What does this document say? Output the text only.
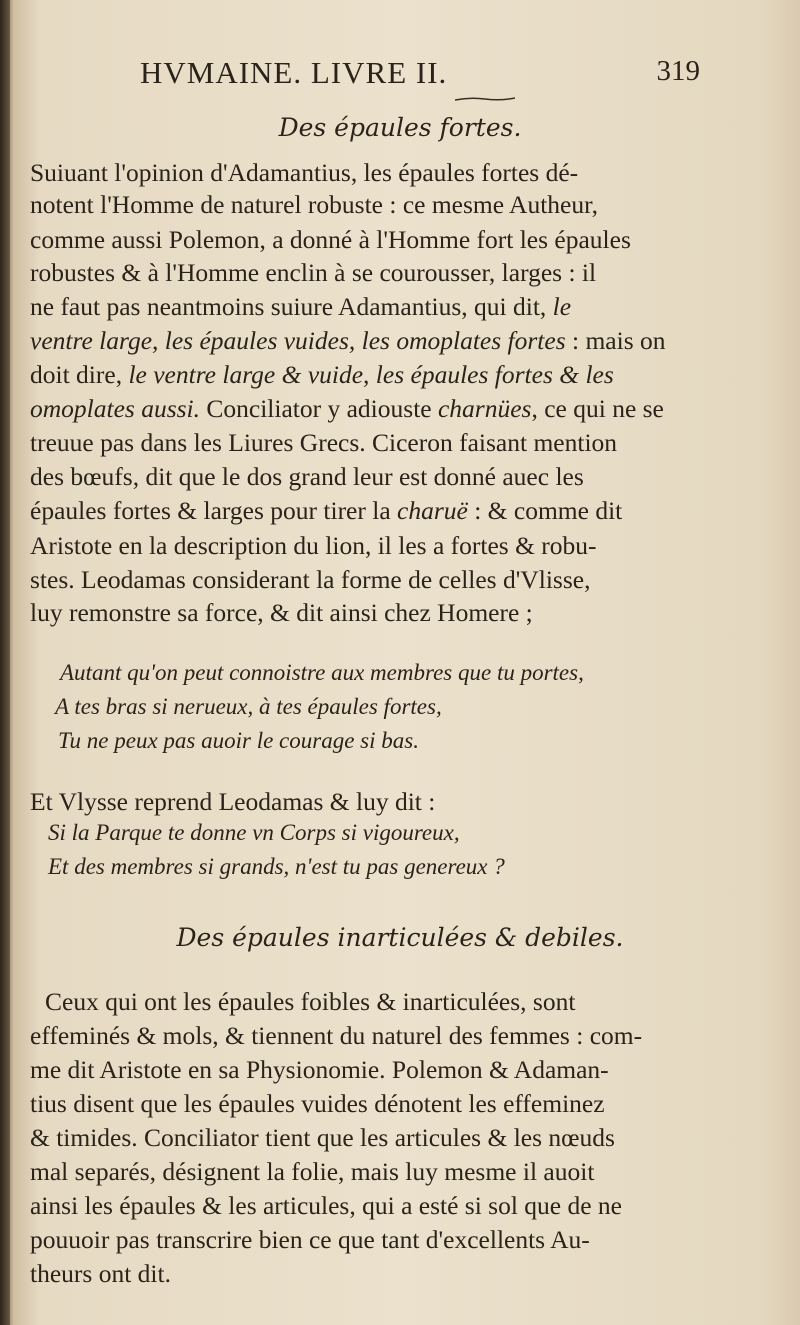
HVMAINE. LIVRE II.	319
Des épaules fortes.
Suiuant l'opinion d'Adamantius, les épaules fortes dé-
notent l'Homme de naturel robuste : ce mesme Autheur,
comme aussi Polemon, a donné à l'Homme fort les épaules
robustes & à l'Homme enclin à se courousser, larges : il
ne faut pas neantmoins suiure Adamantius, qui dit, le
ventre large, les épaules vuides, les omoplates fortes : mais on
doit dire, le ventre large & vuide, les épaules fortes & les
omoplates aussi. Conciliator y adiouste charnües, ce qui ne se
treuue pas dans les Liures Grecs. Ciceron faisant mention
des bœufs, dit que le dos grand leur est donné auec les
épaules fortes & larges pour tirer la charuë : & comme dit
Aristote en la description du lion, il les a fortes & robu-
stes. Leodamas considerant la forme de celles d'Vlisse,
luy remonstre sa force, & dit ainsi chez Homere ;
Autant qu'on peut connoistre aux membres que tu portes,
A tes bras si nerueux, à tes épaules fortes,
Tu ne peux pas auoir le courage si bas.
Et Vlysse reprend Leodamas & luy dit :
Si la Parque te donne vn Corps si vigoureux,
Et des membres si grands, n'est tu pas genereux ?
Des épaules inarticulées & debiles.
Ceux qui ont les épaules foibles & inarticulées, sont
effeminés & mols, & tiennent du naturel des femmes : com-
me dit Aristote en sa Physionomie. Polemon & Adaman-
tius disent que les épaules vuides dénotent les effeminez
& timides. Conciliator tient que les articules & les nœuds
mal separés, désignent la folie, mais luy mesme il auoit
ainsi les épaules & les articules, qui a esté si sol que de ne
pouuoir pas transcrire bien ce que tant d'excellents Au-
theurs ont dit.
